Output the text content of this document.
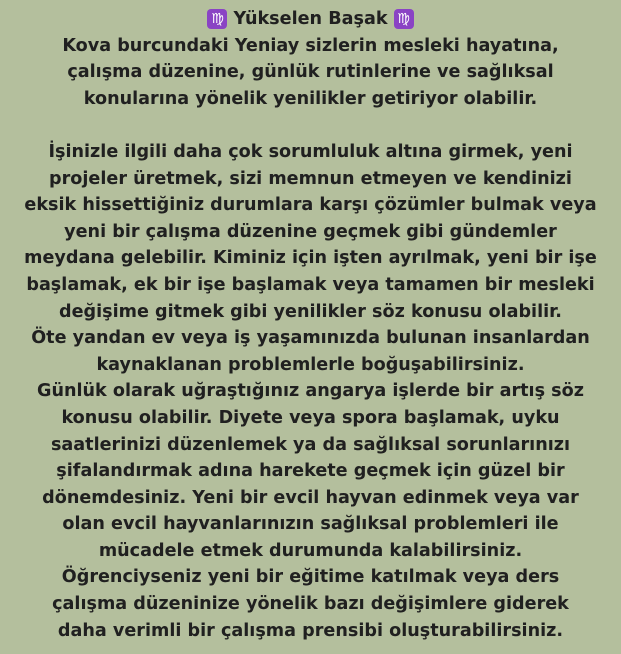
♍ Yükselen Başak ♍
Kova burcundaki Yeniay sizlerin mesleki hayatına,
çalışma düzenine, günlük rutinlerine ve sağlıksal
konularına yönelik yenilikler getiriyor olabilir.
İşinizle ilgili daha çok sorumluluk altına girmek, yeni
projeler üretmek, sizi memnun etmeyen ve kendinizi
eksik hissettiğiniz durumlara karşı çözümler bulmak veya
yeni bir çalışma düzenine geçmek gibi gündemler
meydana gelebilir. Kiminiz için işten ayrılmak, yeni bir işe
başlamak, ek bir işe başlamak veya tamamen bir mesleki
değişime gitmek gibi yenilikler söz konusu olabilir.
Öte yandan ev veya iş yaşamınızda bulunan insanlardan
kaynaklanan problemlerle boğuşabilirsiniz.
Günlük olarak uğraştığınız angarya işlerde bir artış söz
konusu olabilir. Diyete veya spora başlamak, uyku
saatlerinizi düzenlemek ya da sağlıksal sorunlarınızı
şifalandırmak adına harekete geçmek için güzel bir
dönemdesiniz. Yeni bir evcil hayvan edinmek veya var
olan evcil hayvanlarınızın sağlıksal problemleri ile
mücadele etmek durumunda kalabilirsiniz.
Öğrenciyseniz yeni bir eğitime katılmak veya ders
çalışma düzeninize yönelik bazı değişimlere giderek
daha verimli bir çalışma prensibi oluşturabilirsiniz.
